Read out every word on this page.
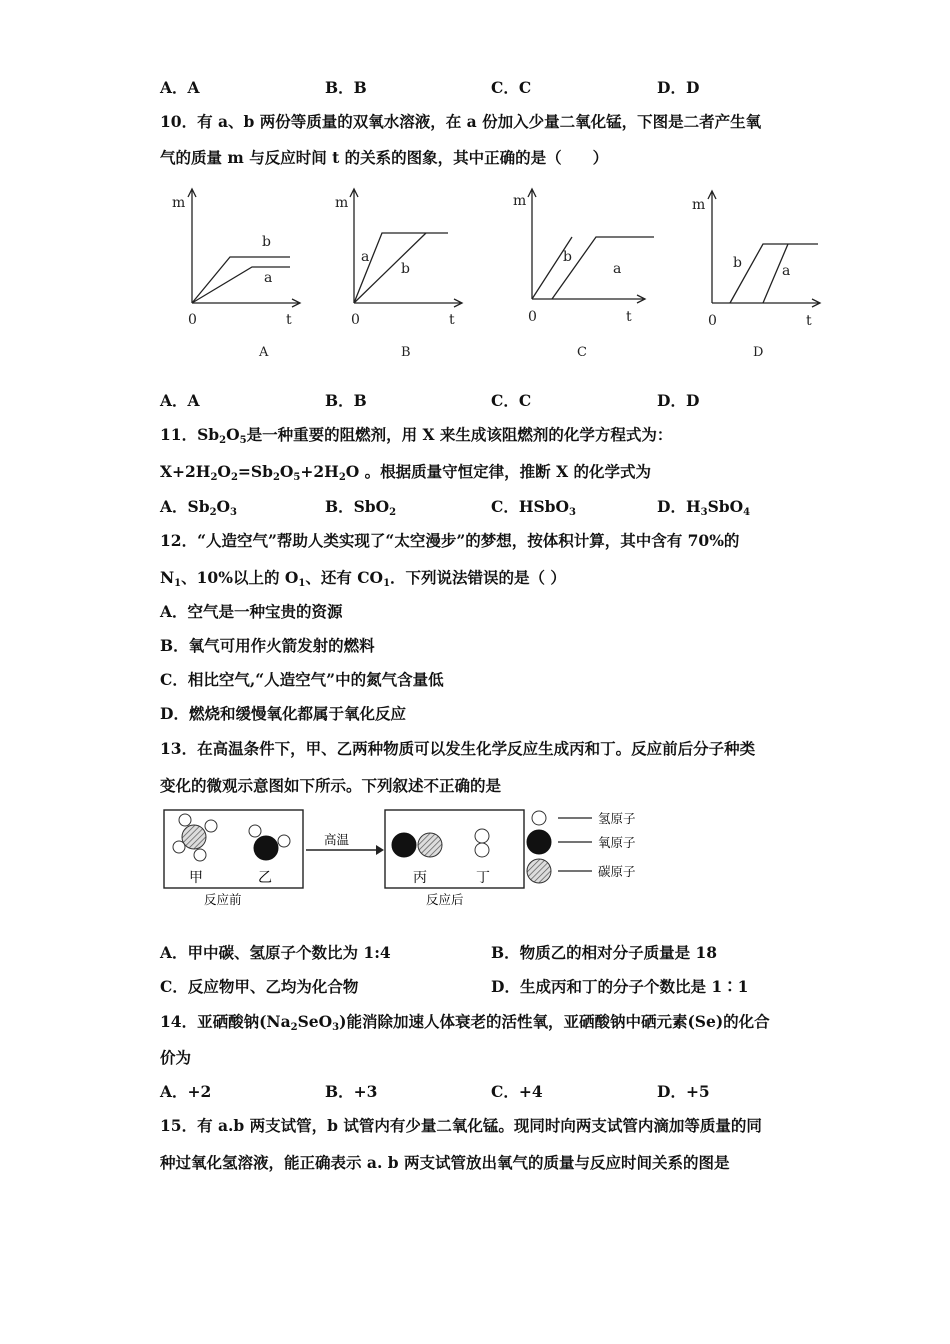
A．A	B．B	C．C	D．D
10．有 a、b 两份等质量的双氧水溶液，在 a 份加入少量二氧化锰，下图是二者产生氧
气的质量 m 与反应时间 t 的关系的图象，其中正确的是（　　）
m
b
a
0	t
A
m
a
b
0	t
B
m
b
a
0	t
C
m
b	a
0	t
D
A．A	B．B	C．C	D．D
11．$Sb_2O_5$是一种重要的阻燃剂，用 X 来生成该阻燃剂的化学方程式为：
$X+2H_2O_2=Sb_2O_5+2H_2O$ 。根据质量守恒定律，推断 X 的化学式为
A．$Sb_2O_3$	B．SbO$_2$	C．HSbO$_3$	D．$H_3SbO_4$
12．“人造空气”帮助人类实现了“太空漫步”的梦想，按体积计算，其中含有 70%的
$N_1$、10%以上的 $O_1$、还有 $CO_1$．下列说法错误的是（ ）
A．空气是一种宝贵的资源
B．氧气可用作火箭发射的燃料
C．相比空气,“人造空气”中的氮气含量低
D．燃烧和缓慢氧化都属于氧化反应
13．在高温条件下，甲、乙两种物质可以发生化学反应生成丙和丁。反应前后分子种类
变化的微观示意图如下所示。下列叙述不正确的是
甲	乙
反应前
高温
丙	丁
反应后
氢原子
氧原子
碳原子
A．甲中碳、氢原子个数比为 1:4	B．物质乙的相对分子质量是 18
C．反应物甲、乙均为化合物	D．生成丙和丁的分子个数比是 1∶1
14．亚硒酸钠$(Na_2SeO_3)$能消除加速人体衰老的活性氧，亚硒酸钠中硒元素(Se)的化合
价为
A．+2	B．+3	C．+4	D．+5
15．有 a.b 两支试管，b 试管内有少量二氧化锰。现同时向两支试管内滴加等质量的同
种过氧化氢溶液，能正确表示 a. b 两支试管放出氧气的质量与反应时间关系的图是
